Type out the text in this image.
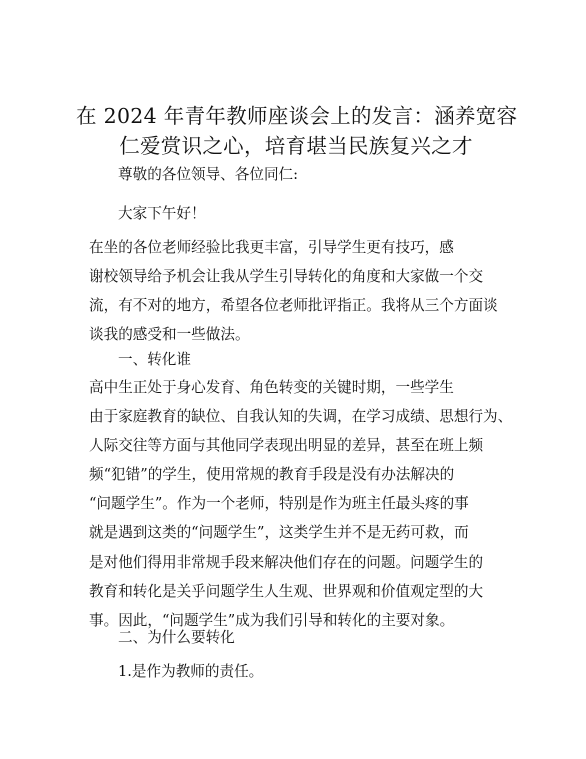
在 2024 年青年教师座谈会上的发言：涵养宽容
仁爱赏识之心，培育堪当民族复兴之才

尊敬的各位领导、各位同仁:

大家下午好！

在坐的各位老师经验比我更丰富，引导学生更有技巧，感
谢校领导给予机会让我从学生引导转化的角度和大家做一个交
流，有不对的地方，希望各位老师批评指正。我将从三个方面谈
谈我的感受和一些做法。

一、转化谁

高中生正处于身心发育、角色转变的关键时期，一些学生
由于家庭教育的缺位、自我认知的失调，在学习成绩、思想行为、
人际交往等方面与其他同学表现出明显的差异，甚至在班上频
频“犯错”的学生，使用常规的教育手段是没有办法解决的
“问题学生”。作为一个老师，特别是作为班主任最头疼的事
就是遇到这类的“问题学生”，这类学生并不是无药可救，而
是对他们得用非常规手段来解决他们存在的问题。问题学生的
教育和转化是关乎问题学生人生观、世界观和价值观定型的大
事。因此，“问题学生”成为我们引导和转化的主要对象。

二、为什么要转化

1.是作为教师的责任。
